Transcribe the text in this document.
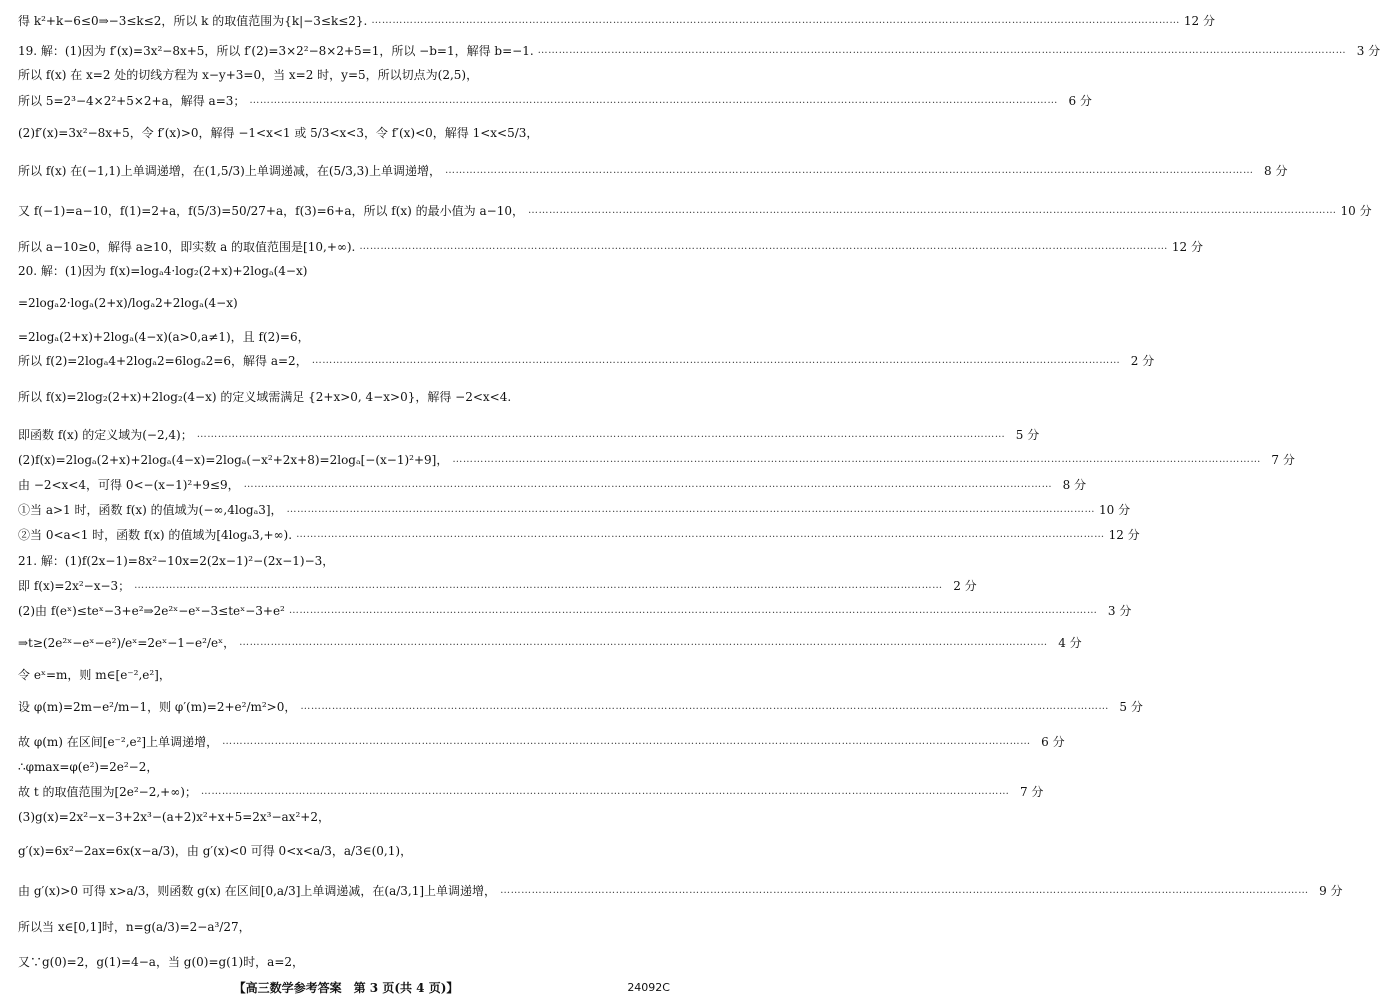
得 k²+k−6≤0⇒−3≤k≤2，所以 k 的取值范围为{k|−3≤k≤2}. ……………………………………………………………………………………………………………………………………………………………………………………………………………	12 分
19. 解：(1)因为 f′(x)=3x²−8x+5，所以 f′(2)=3×2²−8×2+5=1，所以 −b=1，解得 b=−1. ……………………………………………………………………………………………………………………………………………………………………………………………………………	3 分
所以 f(x) 在 x=2 处的切线方程为 x−y+3=0，当 x=2 时，y=5，所以切点为(2,5)，
所以 5=2³−4×2²+5×2+a，解得 a=3； ……………………………………………………………………………………………………………………………………………………………………………………………………………	6 分
(2)f′(x)=3x²−8x+5，令 f′(x)>0，解得 −1<x<1 或 5/3<x<3，令 f′(x)<0，解得 1<x<5/3，
所以 f(x) 在(−1,1)上单调递增，在(1,5/3)上单调递减，在(5/3,3)上单调递增， ……………………………………………………………………………………………………………………………………………………………………………………………………………	8 分
又 f(−1)=a−10，f(1)=2+a，f(5/3)=50/27+a，f(3)=6+a，所以 f(x) 的最小值为 a−10， ……………………………………………………………………………………………………………………………………………………………………………………………………………	10 分
所以 a−10≥0，解得 a≥10，即实数 a 的取值范围是[10,+∞). ……………………………………………………………………………………………………………………………………………………………………………………………………………	12 分
20. 解：(1)因为 f(x)=logₐ4·log₂(2+x)+2logₐ(4−x)
=2logₐ2·logₐ(2+x)/logₐ2+2logₐ(4−x)
=2logₐ(2+x)+2logₐ(4−x)(a>0,a≠1)，且 f(2)=6，
所以 f(2)=2logₐ4+2logₐ2=6logₐ2=6，解得 a=2， ……………………………………………………………………………………………………………………………………………………………………………………………………………	2 分
所以 f(x)=2log₂(2+x)+2log₂(4−x) 的定义域需满足 {2+x>0, 4−x>0}，解得 −2<x<4.
即函数 f(x) 的定义域为(−2,4)； ……………………………………………………………………………………………………………………………………………………………………………………………………………	5 分
(2)f(x)=2logₐ(2+x)+2logₐ(4−x)=2logₐ(−x²+2x+8)=2logₐ[−(x−1)²+9]， ……………………………………………………………………………………………………………………………………………………………………………………………………………	7 分
由 −2<x<4，可得 0<−(x−1)²+9≤9， ……………………………………………………………………………………………………………………………………………………………………………………………………………	8 分
①当 a>1 时，函数 f(x) 的值域为(−∞,4logₐ3]， ……………………………………………………………………………………………………………………………………………………………………………………………………………	10 分
②当 0<a<1 时，函数 f(x) 的值域为[4logₐ3,+∞). ……………………………………………………………………………………………………………………………………………………………………………………………………………	12 分
21. 解：(1)f(2x−1)=8x²−10x=2(2x−1)²−(2x−1)−3，
即 f(x)=2x²−x−3； ……………………………………………………………………………………………………………………………………………………………………………………………………………	2 分
(2)由 f(eˣ)≤teˣ−3+e²⇒2e²ˣ−eˣ−3≤teˣ−3+e² ……………………………………………………………………………………………………………………………………………………………………………………………………………	3 分
⇒t≥(2e²ˣ−eˣ−e²)/eˣ=2eˣ−1−e²/eˣ， ……………………………………………………………………………………………………………………………………………………………………………………………………………	4 分
令 eˣ=m，则 m∈[e⁻²,e²]，
设 φ(m)=2m−e²/m−1，则 φ′(m)=2+e²/m²>0， ……………………………………………………………………………………………………………………………………………………………………………………………………………	5 分
故 φ(m) 在区间[e⁻²,e²]上单调递增， ……………………………………………………………………………………………………………………………………………………………………………………………………………	6 分
∴φmax=φ(e²)=2e²−2，
故 t 的取值范围为[2e²−2,+∞)； ……………………………………………………………………………………………………………………………………………………………………………………………………………	7 分
(3)g(x)=2x²−x−3+2x³−(a+2)x²+x+5=2x³−ax²+2，
g′(x)=6x²−2ax=6x(x−a/3)，由 g′(x)<0 可得 0<x<a/3，a/3∈(0,1)，
由 g′(x)>0 可得 x>a/3，则函数 g(x) 在区间[0,a/3]上单调递减，在(a/3,1]上单调递增， ……………………………………………………………………………………………………………………………………………………………………………………………………………	9 分
所以当 x∈[0,1]时，n=g(a/3)=2−a³/27，
又∵g(0)=2，g(1)=4−a，当 g(0)=g(1)时，a=2，
【高三数学参考答案　第 3 页(共 4 页)】	24092C
